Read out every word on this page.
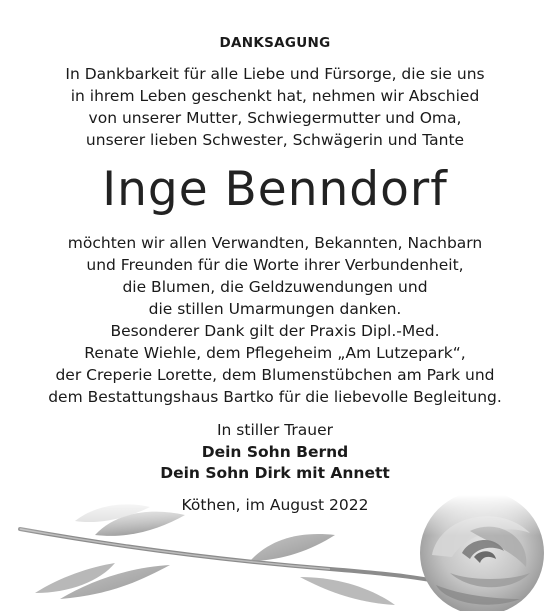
DANKSAGUNG
In Dankbarkeit für alle Liebe und Fürsorge, die sie uns
in ihrem Leben geschenkt hat, nehmen wir Abschied
von unserer Mutter, Schwiegermutter und Oma,
unserer lieben Schwester, Schwägerin und Tante
Inge Benndorf
möchten wir allen Verwandten, Bekannten, Nachbarn
und Freunden für die Worte ihrer Verbundenheit,
die Blumen, die Geldzuwendungen und
die stillen Umarmungen danken.
Besonderer Dank gilt der Praxis Dipl.-Med.
Renate Wiehle, dem Pflegeheim „Am Lutzepark“,
der Creperie Lorette, dem Blumenstübchen am Park und
dem Bestattungshaus Bartko für die liebevolle Begleitung.
In stiller Trauer
Dein Sohn Bernd
Dein Sohn Dirk mit Annett
Köthen, im August 2022
